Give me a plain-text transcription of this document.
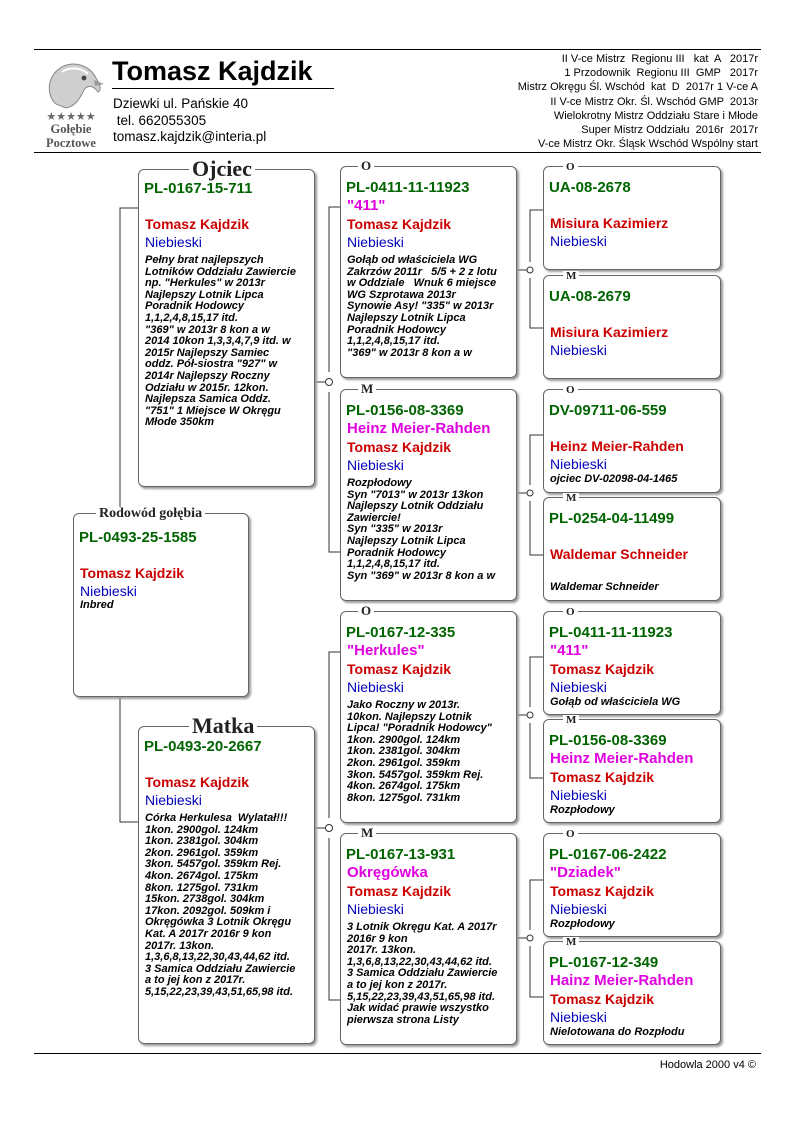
★★★★★
Gołębie Pocztowe
Tomasz Kajdzik
Dziewki ul. Pańskie 40
tel. 662055305
tomasz.kajdzik@interia.pl
II V-ce Mistrz  Regionu III   kat  A   2017r
1 Przodownik  Regionu III  GMP   2017r
Mistrz Okręgu Śl. Wschód  kat  D  2017r 1 V-ce A
II V-ce Mistrz Okr. Śl. Wschód GMP  2013r
Wielokrotny Mistrz Oddziału Stare i Młode
Super Mistrz Oddziału  2016r  2017r
V-ce Mistrz Okr. Śląsk Wschód Wspólny start
PL-0493-25-1585
Tomasz Kajdzik
Niebieski
Inbred
Rodowód gołębia
PL-0167-15-711
Tomasz Kajdzik
Niebieski
Pełny brat najlepszych
Lotników Oddziału Zawiercie
np. "Herkules" w 2013r
Najlepszy Lotnik Lipca
Poradnik Hodowcy
1,1,2,4,8,15,17 itd.
"369" w 2013r 8 kon a w
2014 10kon 1,3,3,4,7,9 itd. w
2015r Najlepszy Samiec
oddz. Pół-siostra "927" w
2014r Najlepszy Roczny
Odziału w 2015r. 12kon.
Najlepsza Samica Oddz.
"751" 1 Miejsce W Okręgu
Młode 350km
Ojciec
PL-0493-20-2667
Tomasz Kajdzik
Niebieski
Córka Herkulesa  Wylatał!!!
1kon. 2900gol. 124km
1kon. 2381gol. 304km
2kon. 2961gol. 359km
3kon. 5457gol. 359km Rej.
4kon. 2674gol. 175km
8kon. 1275gol. 731km
15kon. 2738gol. 304km
17kon. 2092gol. 509km i
Okręgówka 3 Lotnik Okręgu
Kat. A 2017r 2016r 9 kon
2017r. 13kon.
1,3,6,8,13,22,30,43,44,62 itd.
3 Samica Oddziału Zawiercie
a to jej kon z 2017r.
5,15,22,23,39,43,51,65,98 itd.
Matka
PL-0411-11-11923
"411"
Tomasz Kajdzik
Niebieski
Gołąb od właściciela WG
Zakrzów 2011r   5/5 + 2 z lotu
w Oddziale   Wnuk 6 miejsce
WG Szprotawa 2013r
Synowie Asy! "335" w 2013r
Najlepszy Lotnik Lipca
Poradnik Hodowcy
1,1,2,4,8,15,17 itd.
"369" w 2013r 8 kon a w
O
PL-0156-08-3369
Heinz Meier-Rahden
Tomasz Kajdzik
Niebieski
Rozpłodowy
Syn "7013" w 2013r 13kon
Najlepszy Lotnik Oddziału
Zawiercie!
Syn "335" w 2013r
Najlepszy Lotnik Lipca
Poradnik Hodowcy
1,1,2,4,8,15,17 itd.
Syn "369" w 2013r 8 kon a w
M
PL-0167-12-335
"Herkules"
Tomasz Kajdzik
Niebieski
Jako Roczny w 2013r.
10kon. Najlepszy Lotnik
Lipca! "Poradnik Hodowcy"
1kon. 2900gol. 124km
1kon. 2381gol. 304km
2kon. 2961gol. 359km
3kon. 5457gol. 359km Rej.
4kon. 2674gol. 175km
8kon. 1275gol. 731km
O
PL-0167-13-931
Okręgówka
Tomasz Kajdzik
Niebieski
3 Lotnik Okręgu Kat. A 2017r
2016r 9 kon
2017r. 13kon.
1,3,6,8,13,22,30,43,44,62 itd.
3 Samica Oddziału Zawiercie
a to jej kon z 2017r.
5,15,22,23,39,43,51,65,98 itd.
Jak widać prawie wszystko
pierwsza strona Listy
M
UA-08-2678
Misiura Kazimierz
Niebieski
O
UA-08-2679
Misiura Kazimierz
Niebieski
M
DV-09711-06-559
Heinz Meier-Rahden
Niebieski
ojciec DV-02098-04-1465
O
PL-0254-04-11499
Waldemar Schneider
Waldemar Schneider
M
PL-0411-11-11923
"411"
Tomasz Kajdzik
Niebieski
Gołąb od właściciela WG
O
PL-0156-08-3369
Heinz Meier-Rahden
Tomasz Kajdzik
Niebieski
Rozpłodowy
M
PL-0167-06-2422
"Dziadek"
Tomasz Kajdzik
Niebieski
Rozpłodowy
O
PL-0167-12-349
Hainz Meier-Rahden
Tomasz Kajdzik
Niebieski
Nielotowana do Rozpłodu
M
Hodowla 2000 v4 ©
